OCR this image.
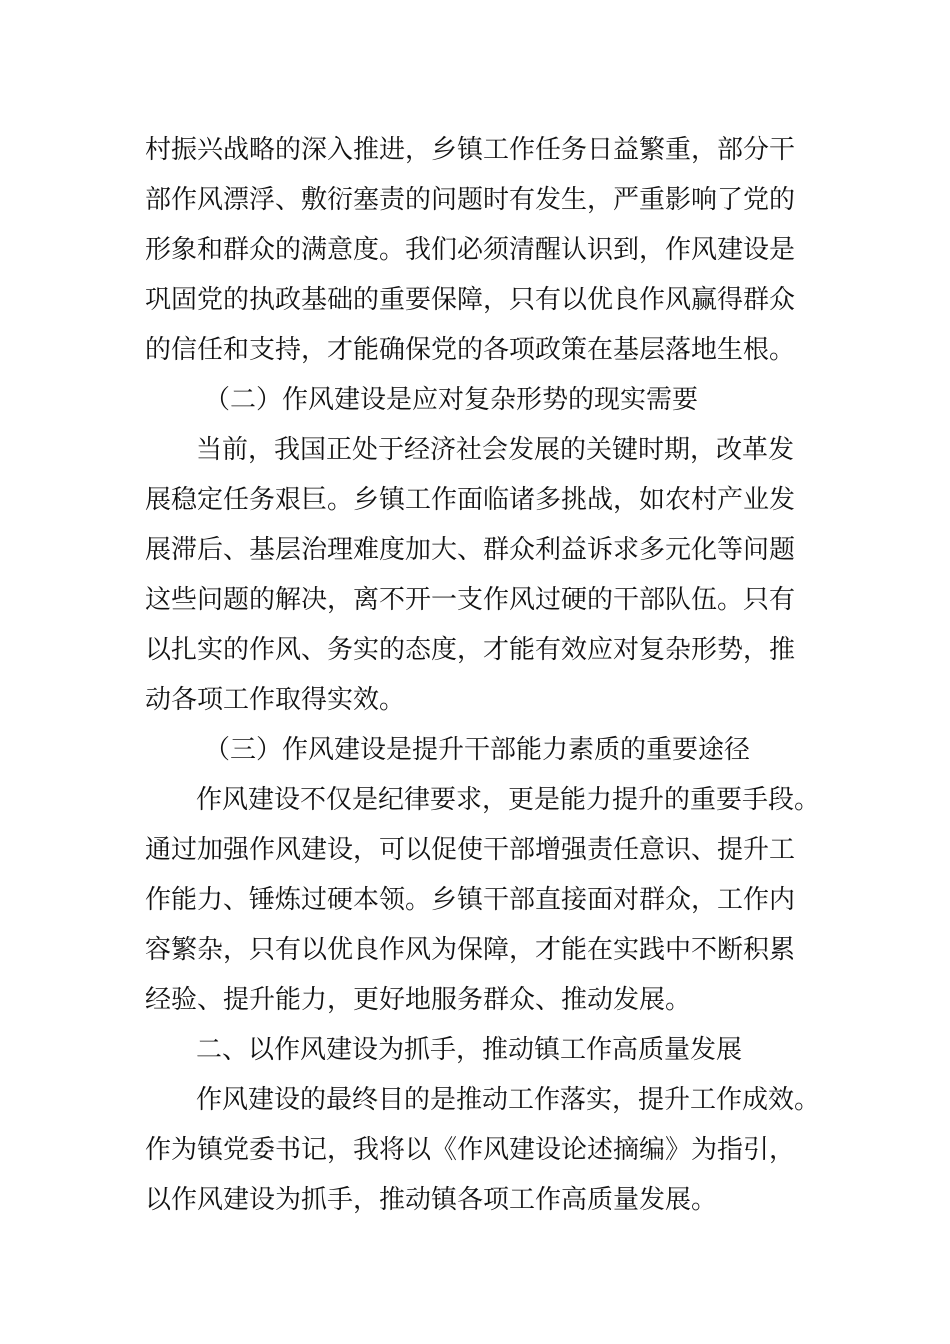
村振兴战略的深入推进，乡镇工作任务日益繁重，部分干
部作风漂浮、敷衍塞责的问题时有发生，严重影响了党的
形象和群众的满意度。我们必须清醒认识到，作风建设是
巩固党的执政基础的重要保障，只有以优良作风赢得群众
的信任和支持，才能确保党的各项政策在基层落地生根。
（二）作风建设是应对复杂形势的现实需要
当前，我国正处于经济社会发展的关键时期，改革发
展稳定任务艰巨。乡镇工作面临诸多挑战，如农村产业发
展滞后、基层治理难度加大、群众利益诉求多元化等问题
这些问题的解决，离不开一支作风过硬的干部队伍。只有
以扎实的作风、务实的态度，才能有效应对复杂形势，推
动各项工作取得实效。
（三）作风建设是提升干部能力素质的重要途径
作风建设不仅是纪律要求，更是能力提升的重要手段。
通过加强作风建设，可以促使干部增强责任意识、提升工
作能力、锤炼过硬本领。乡镇干部直接面对群众，工作内
容繁杂，只有以优良作风为保障，才能在实践中不断积累
经验、提升能力，更好地服务群众、推动发展。
二、以作风建设为抓手，推动镇工作高质量发展
作风建设的最终目的是推动工作落实，提升工作成效。
作为镇党委书记，我将以《作风建设论述摘编》为指引，
以作风建设为抓手，推动镇各项工作高质量发展。
